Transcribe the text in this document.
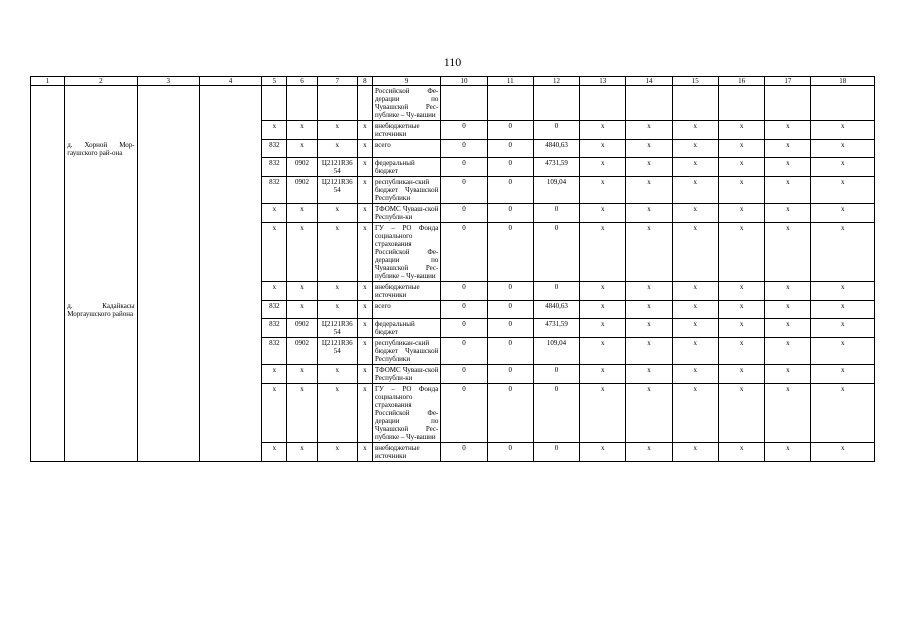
110
1	2	3	4	5	6	7	8	9	10	11	12	13	14	15	16	17	18
								Российской Фе-дерации по Чувашской Рес-публике – Чу-вашии									
				x	x	x	x	внебюджетные источники	0	0	0	x	x	x	x	x	x
	д. Хорной Мор-гаушского рай-она			832	x	x	x	всего	0	0	4840,63	x	x	x	x	x	x
				832	0902	Ц2121R36 54	x	федеральный бюджет	0	0	4731,59	x	x	x	x	x	x
				832	0902	Ц2121R36 54	x	республикан-ский бюджет Чувашской Республики	0	0	109,04	x	x	x	x	x	x
				x	x	x	x	ТФОМС Чуваш-ской Республи-ки	0	0	0	x	x	x	x	x	x
				x	x	x	x	ГУ – РО Фонда социального страхования Российской Фе-дерации по Чувашской Рес-публике – Чу-вашии	0	0	0	x	x	x	x	x	x
				x	x	x	x	внебюджетные источники	0	0	0	x	x	x	x	x	x
	д. Кадайкасы Моргаушского района			832	x	x	x	всего	0	0	4840,63	x	x	x	x	x	x
				832	0902	Ц2121R36 54	x	федеральный бюджет	0	0	4731,59	x	x	x	x	x	x
				832	0902	Ц2121R36 54	x	республикан-ский бюджет Чувашской Республики	0	0	109,04	x	x	x	x	x	x
				x	x	x	x	ТФОМС Чуваш-ской Республи-ки	0	0	0	x	x	x	x	x	x
				x	x	x	x	ГУ – РО Фонда социального страхования Российской Фе-дерации по Чувашской Рес-публике – Чу-вашии	0	0	0	x	x	x	x	x	x
				x	x	x	x	внебюджетные источники	0	0	0	x	x	x	x	x	x
